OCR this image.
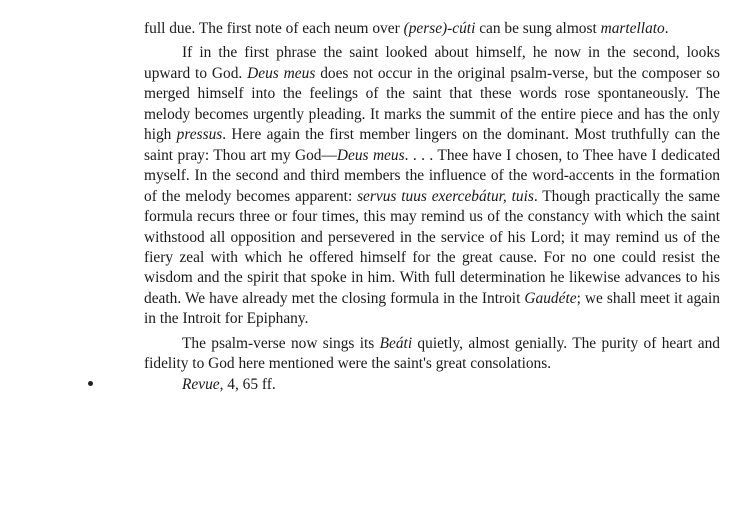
full due. The first note of each neum over (perse)-cúti can be sung almost martellato.

If in the first phrase the saint looked about himself, he now in the second, looks upward to God. Deus meus does not occur in the original psalm-verse, but the composer so merged himself into the feelings of the saint that these words rose spontaneously. The melody becomes urgently pleading. It marks the summit of the entire piece and has the only high pressus. Here again the first member lingers on the dominant. Most truthfully can the saint pray: Thou art my God—Deus meus. . . . Thee have I chosen, to Thee have I dedicated myself. In the second and third members the influence of the word-accents in the formation of the melody becomes apparent: servus tuus exercebátur, tuis. Though practically the same formula recurs three or four times, this may remind us of the constancy with which the saint withstood all opposition and persevered in the service of his Lord; it may remind us of the fiery zeal with which he offered himself for the great cause. For no one could resist the wisdom and the spirit that spoke in him. With full determination he likewise advances to his death. We have already met the closing formula in the Introit Gaudéte; we shall meet it again in the Introit for Epiphany.

The psalm-verse now sings its Beáti quietly, almost genially. The purity of heart and fidelity to God here mentioned were the saint's great consolations.

Revue, 4, 65 ff.
